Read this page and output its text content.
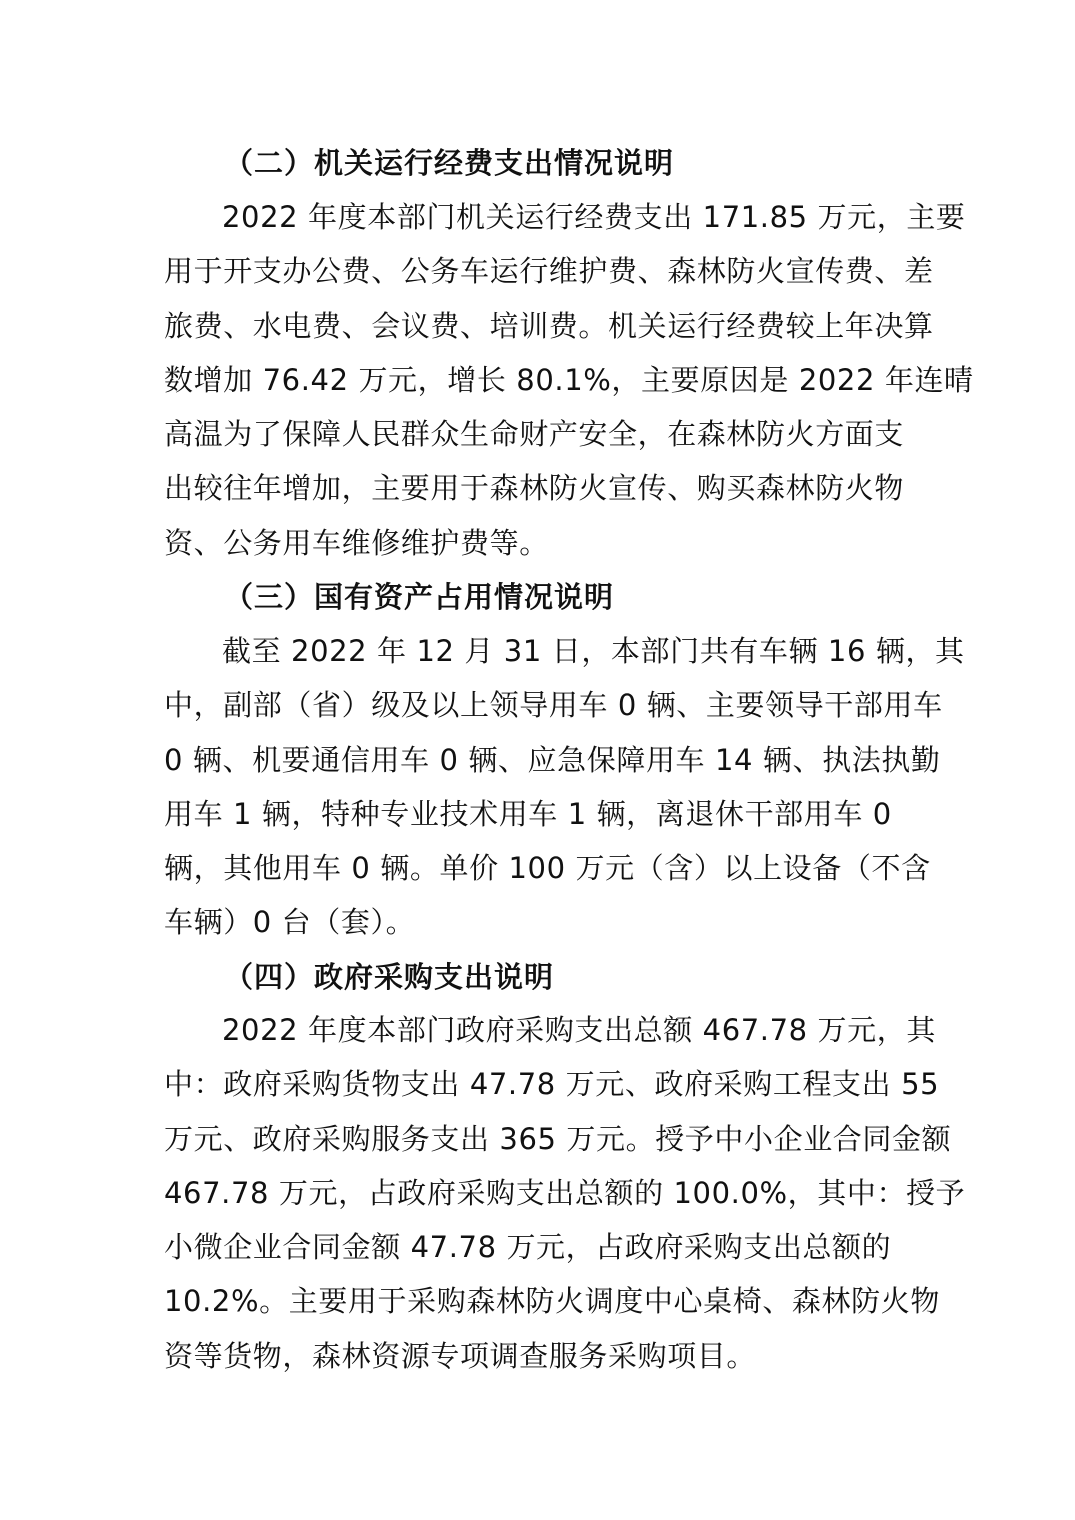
（二）机关运行经费支出情况说明
2022 年度本部门机关运行经费支出 171.85 万元，主要
用于开支办公费、公务车运行维护费、森林防火宣传费、差
旅费、水电费、会议费、培训费。机关运行经费较上年决算
数增加 76.42 万元，增长 80.1%，主要原因是 2022 年连晴
高温为了保障人民群众生命财产安全，在森林防火方面支
出较往年增加，主要用于森林防火宣传、购买森林防火物
资、公务用车维修维护费等。
（三）国有资产占用情况说明
截至 2022 年 12 月 31 日，本部门共有车辆 16 辆，其
中，副部（省）级及以上领导用车 0 辆、主要领导干部用车
0 辆、机要通信用车 0 辆、应急保障用车 14 辆、执法执勤
用车 1 辆，特种专业技术用车 1 辆，离退休干部用车 0
辆，其他用车 0 辆。单价 100 万元（含）以上设备（不含
车辆）0 台（套）。
（四）政府采购支出说明
2022 年度本部门政府采购支出总额 467.78 万元，其
中：政府采购货物支出 47.78 万元、政府采购工程支出 55
万元、政府采购服务支出 365 万元。授予中小企业合同金额
467.78 万元，占政府采购支出总额的 100.0%，其中：授予
小微企业合同金额 47.78 万元，占政府采购支出总额的
10.2%。主要用于采购森林防火调度中心桌椅、森林防火物
资等货物，森林资源专项调查服务采购项目。
